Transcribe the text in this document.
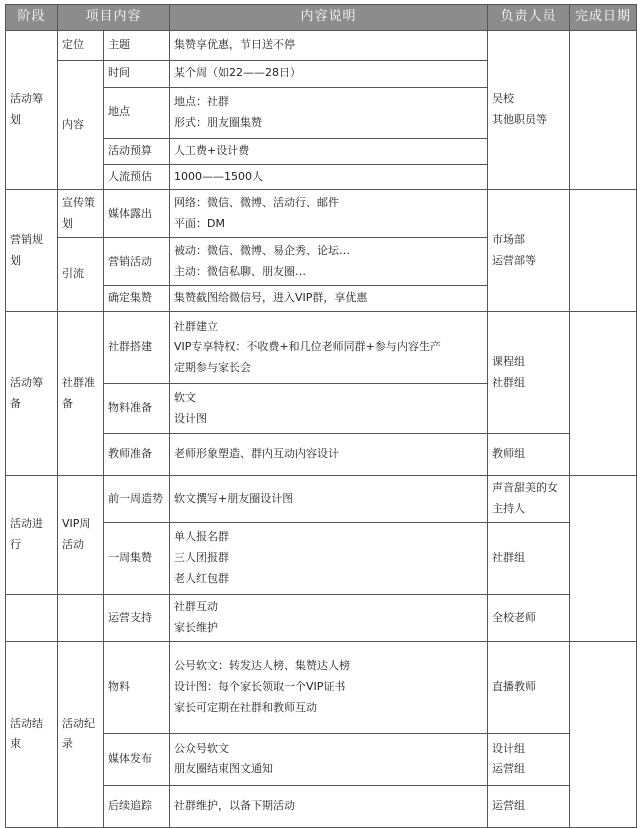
阶段	项目内容		内容说明	负责人员	完成日期
活动筹划	定位	主题	集赞享优惠，节日送不停	吴校
其他职员等	

	内容	时间	某个周（如22——28日）		

		地点	地点：社群
形式：朋友圈集赞		

		活动预算	人工费+设计费		

		人流预估	1000——1500人		

营销规划	宣传策划	媒体露出	网络：微信、微博、活动行、邮件
平面：DM	市场部
运营部等	

	引流	营销活动	被动：微信、微博、易企秀、论坛…
主动：微信私聊、朋友圈…		

		确定集赞	集赞截图给微信号，进入VIP群，享优惠		

活动筹备	社群准备	社群搭建	社群建立
VIP专享特权：不收费+和几位老师同群+参与内容生产
定期参与家长会	课程组
社群组	

		物料准备	软文
设计图		

		教师准备	老师形象塑造、群内互动内容设计	教师组	

活动进行	VIP周活动	前一周造势	软文撰写+朋友圈设计图	声音甜美的女主持人	

		一周集赞	单人报名群
三人团报群
老人红包群	社群组	

		运营支持	社群互动
家长维护	全校老师	

活动结束	活动纪录	物料	公号软文：转发达人榜、集赞达人榜
设计图：每个家长领取一个VIP证书
家长可定期在社群和教师互动	直播教师	

		媒体发布	公众号软文
朋友圈结束图文通知	设计组
运营组	

		后续追踪	社群维护，以备下期活动	运营组	
